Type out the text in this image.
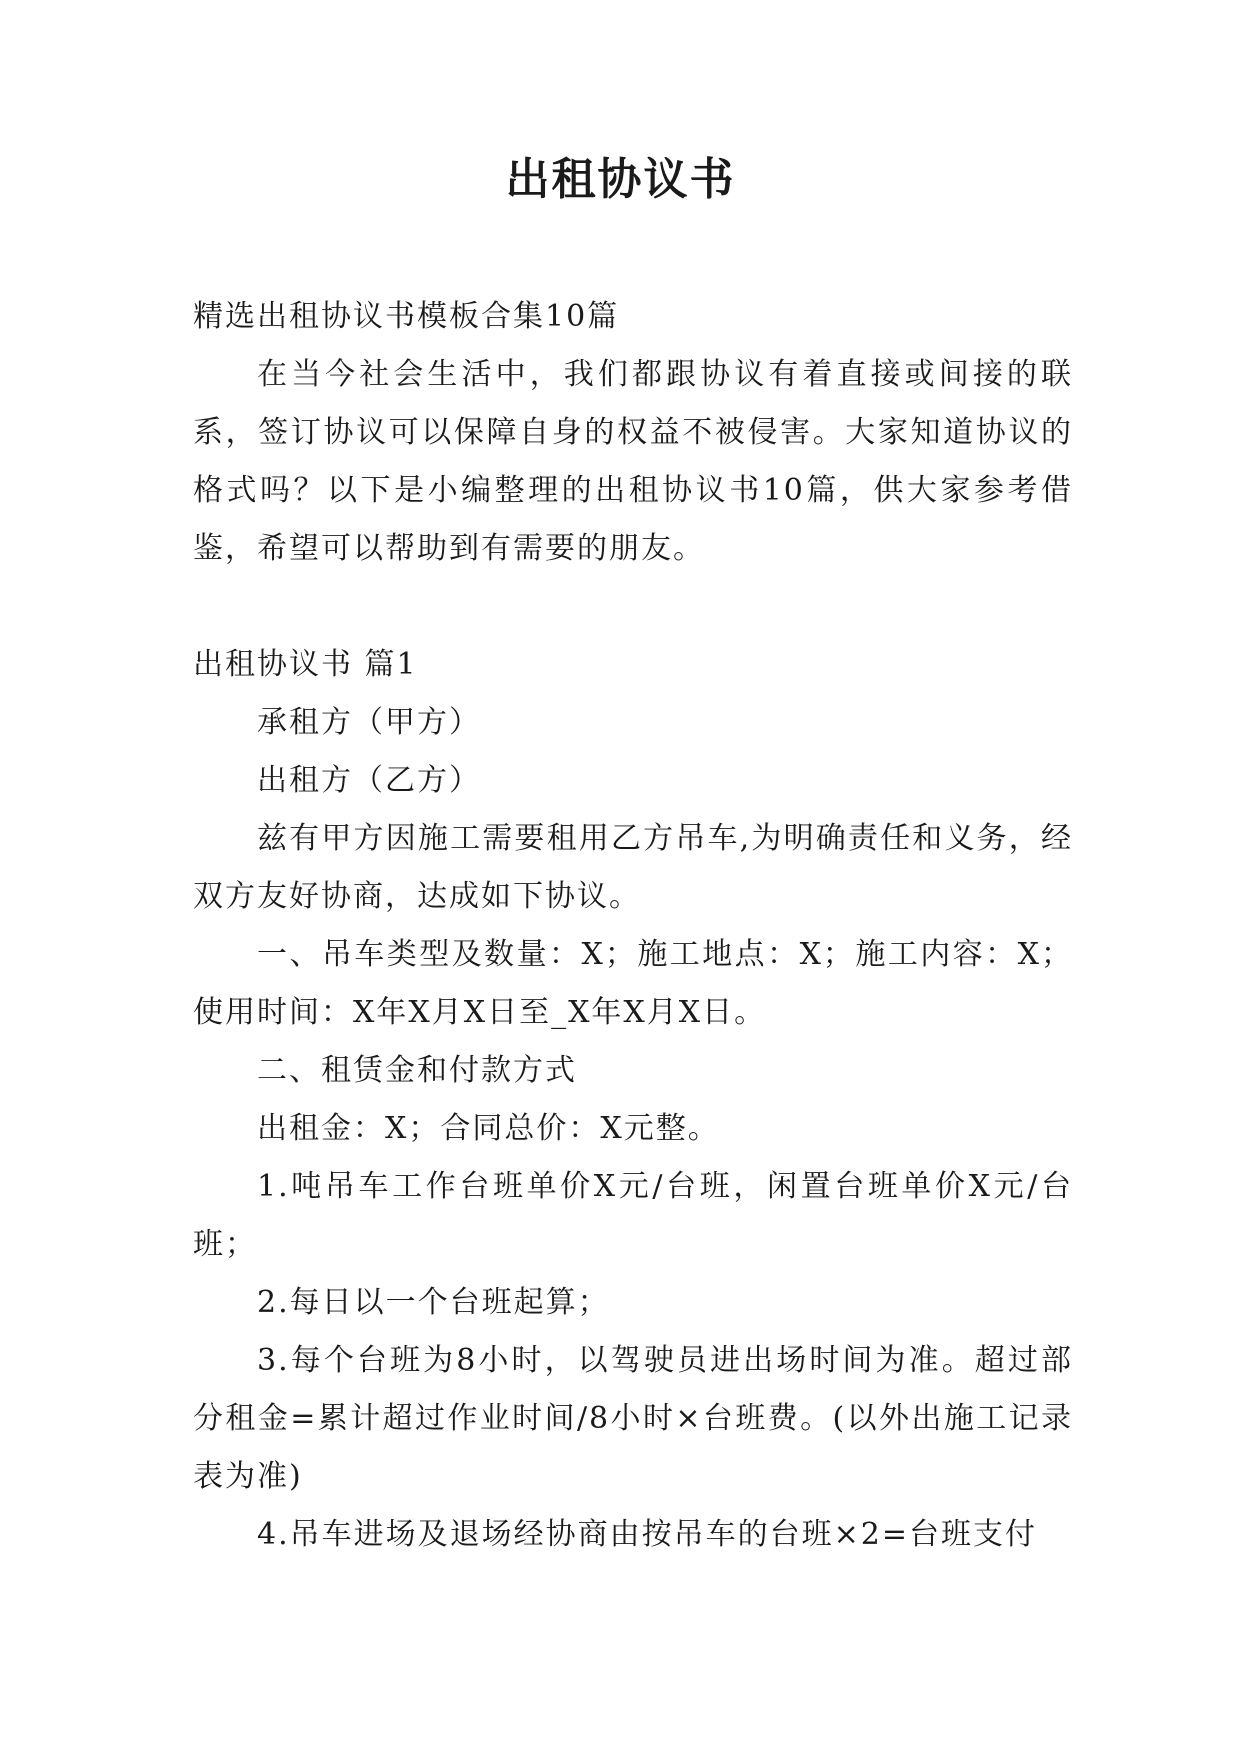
出租协议书

精选出租协议书模板合集10篇

在当今社会生活中，我们都跟协议有着直接或间接的联系，签订协议可以保障自身的权益不被侵害。大家知道协议的格式吗？以下是小编整理的出租协议书10篇，供大家参考借鉴，希望可以帮助到有需要的朋友。

出租协议书 篇1

承租方（甲方）

出租方（乙方）

兹有甲方因施工需要租用乙方吊车,为明确责任和义务，经双方友好协商，达成如下协议。

一、吊车类型及数量：X；施工地点：X；施工内容：X；使用时间：X年X月X日至_X年X月X日。

二、租赁金和付款方式

出租金：X；合同总价：X元整。

1.吨吊车工作台班单价X元/台班，闲置台班单价X元/台班；

2.每日以一个台班起算；

3.每个台班为8小时，以驾驶员进出场时间为准。超过部分租金=累计超过作业时间/8小时×台班费。(以外出施工记录表为准)

4.吊车进场及退场经协商由按吊车的台班×2=台班支付
